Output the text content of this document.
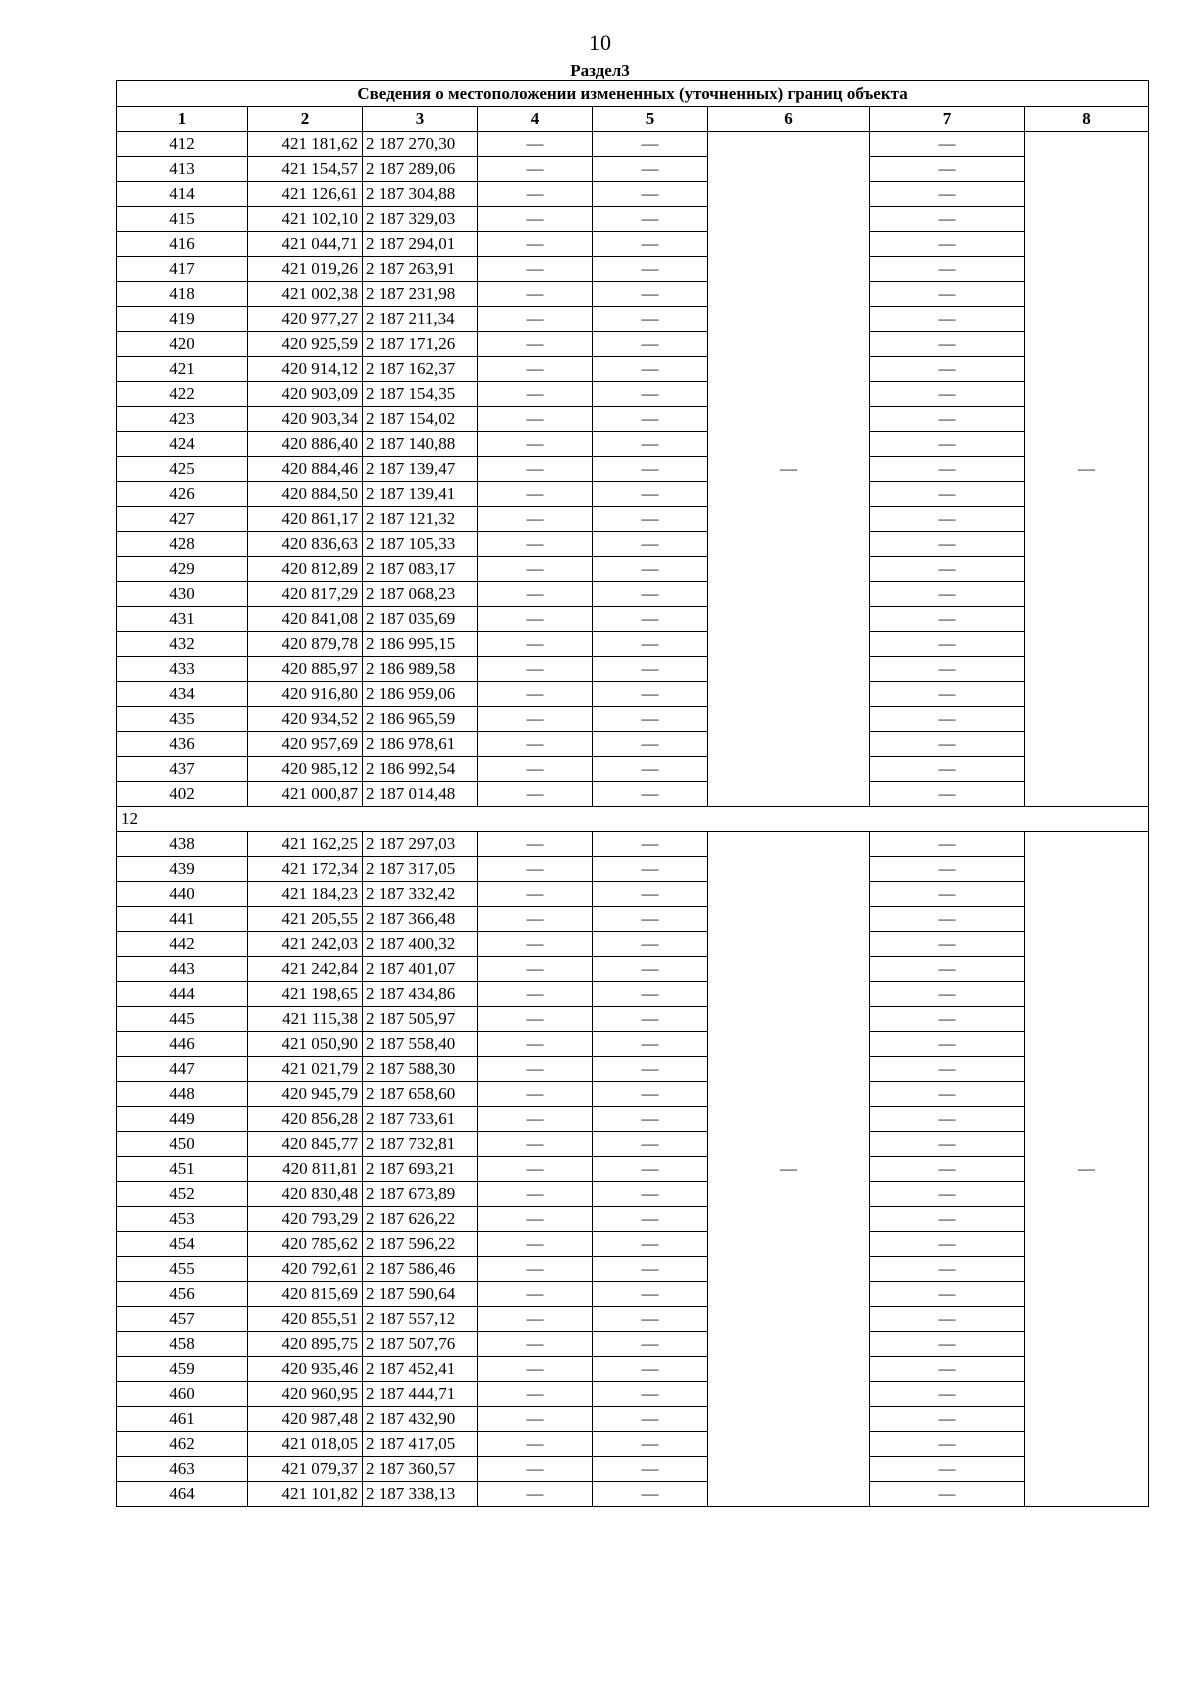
10
Раздел3
Сведения о местоположении измененных (уточненных) границ объекта							
1	2	3	4	5	6	7	8
412	421 181,62	2 187 270,30	—	—	—	—	—
413	421 154,57	2 187 289,06	—	—		—	
414	421 126,61	2 187 304,88	—	—		—	
415	421 102,10	2 187 329,03	—	—		—	
416	421 044,71	2 187 294,01	—	—		—	
417	421 019,26	2 187 263,91	—	—		—	
418	421 002,38	2 187 231,98	—	—		—	
419	420 977,27	2 187 211,34	—	—		—	
420	420 925,59	2 187 171,26	—	—		—	
421	420 914,12	2 187 162,37	—	—		—	
422	420 903,09	2 187 154,35	—	—		—	
423	420 903,34	2 187 154,02	—	—		—	
424	420 886,40	2 187 140,88	—	—		—	
425	420 884,46	2 187 139,47	—	—		—	
426	420 884,50	2 187 139,41	—	—		—	
427	420 861,17	2 187 121,32	—	—		—	
428	420 836,63	2 187 105,33	—	—		—	
429	420 812,89	2 187 083,17	—	—		—	
430	420 817,29	2 187 068,23	—	—		—	
431	420 841,08	2 187 035,69	—	—		—	
432	420 879,78	2 186 995,15	—	—		—	
433	420 885,97	2 186 989,58	—	—		—	
434	420 916,80	2 186 959,06	—	—		—	
435	420 934,52	2 186 965,59	—	—		—	
436	420 957,69	2 186 978,61	—	—		—	
437	420 985,12	2 186 992,54	—	—		—	
402	421 000,87	2 187 014,48	—	—		—	
12							
438	421 162,25	2 187 297,03	—	—	—	—	—
439	421 172,34	2 187 317,05	—	—		—	
440	421 184,23	2 187 332,42	—	—		—	
441	421 205,55	2 187 366,48	—	—		—	
442	421 242,03	2 187 400,32	—	—		—	
443	421 242,84	2 187 401,07	—	—		—	
444	421 198,65	2 187 434,86	—	—		—	
445	421 115,38	2 187 505,97	—	—		—	
446	421 050,90	2 187 558,40	—	—		—	
447	421 021,79	2 187 588,30	—	—		—	
448	420 945,79	2 187 658,60	—	—		—	
449	420 856,28	2 187 733,61	—	—		—	
450	420 845,77	2 187 732,81	—	—		—	
451	420 811,81	2 187 693,21	—	—		—	
452	420 830,48	2 187 673,89	—	—		—	
453	420 793,29	2 187 626,22	—	—		—	
454	420 785,62	2 187 596,22	—	—		—	
455	420 792,61	2 187 586,46	—	—		—	
456	420 815,69	2 187 590,64	—	—		—	
457	420 855,51	2 187 557,12	—	—		—	
458	420 895,75	2 187 507,76	—	—		—	
459	420 935,46	2 187 452,41	—	—		—	
460	420 960,95	2 187 444,71	—	—		—	
461	420 987,48	2 187 432,90	—	—		—	
462	421 018,05	2 187 417,05	—	—		—	
463	421 079,37	2 187 360,57	—	—		—	
464	421 101,82	2 187 338,13	—	—		—	
